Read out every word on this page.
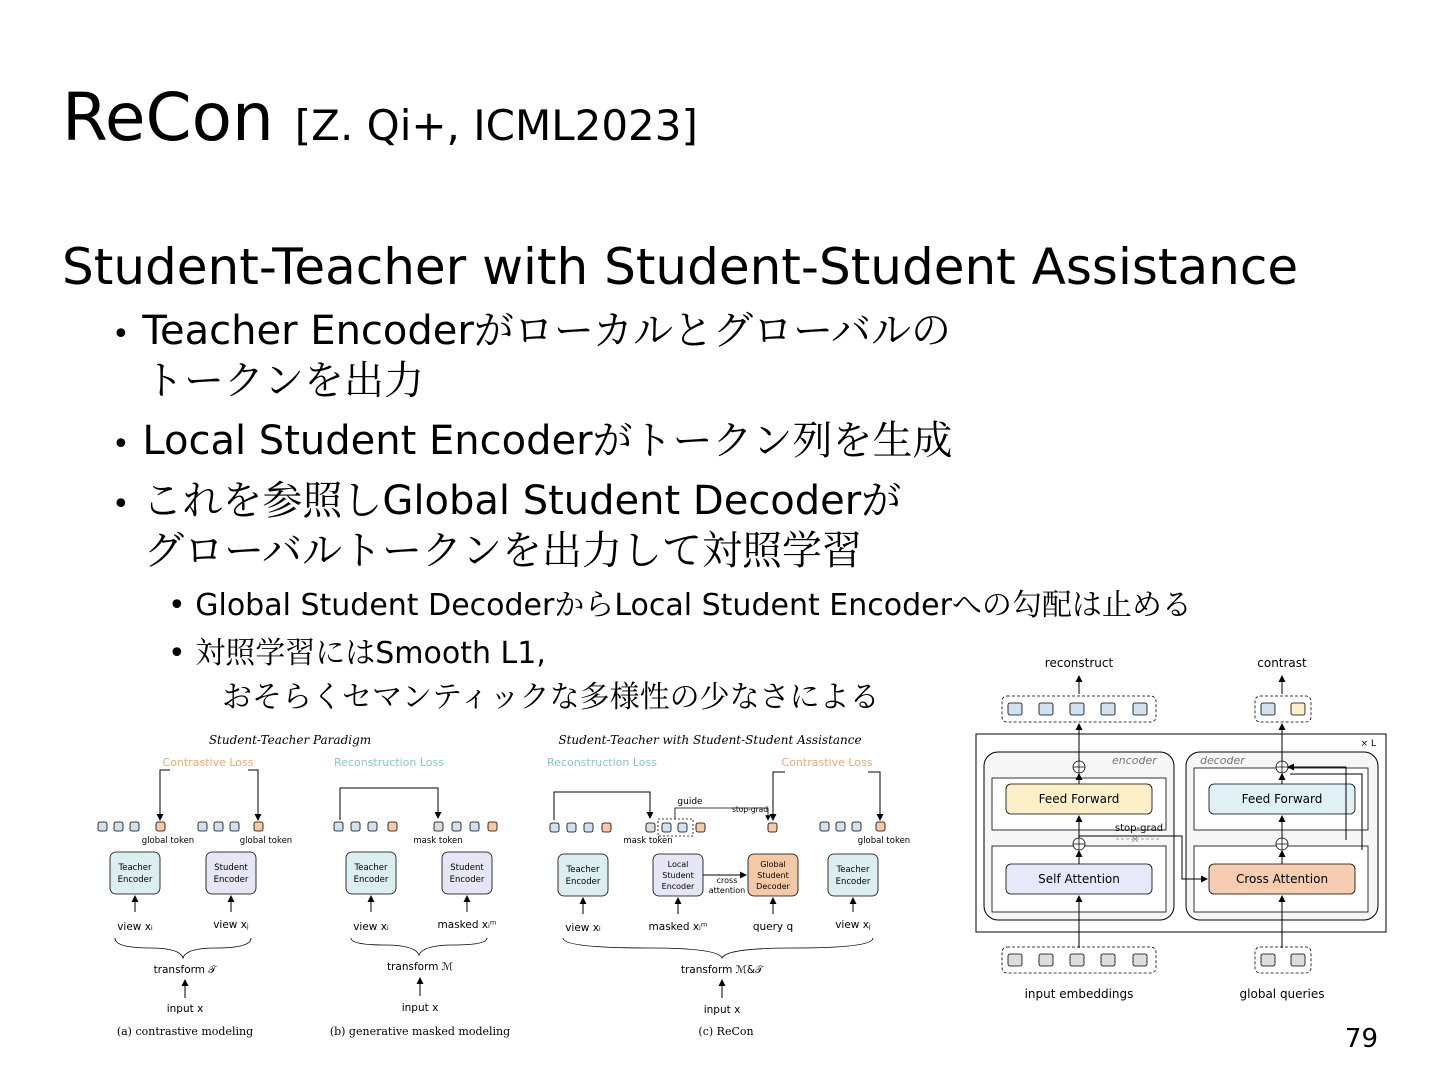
ReCon [Z. Qi+, ICML2023]
Student-Teacher with Student-Student Assistance
• Teacher Encoderがローカルとグローバルの
トークンを出力
• Local Student Encoderがトークン列を生成
• これを参照しGlobal Student Decoderが
グローバルトークンを出力して対照学習
• Global Student DecoderからLocal Student Encoderへの勾配は止める
• 対照学習にはSmooth L1,
おそらくセマンティックな多様性の少なさによる
Student-Teacher Paradigm	Student-Teacher with Student-Student Assistance
Contrastive Loss
global token	global token
Teacher
Encoder
Student
Encoder
view xᵢ	view xⱼ
transform 𝒯
input x
(a) contrastive modeling
Reconstruction Loss
mask token
Teacher
Encoder
Student
Encoder
view xᵢ	masked xᵢᵐ
transform ℳ
input x
(b) generative masked modeling
Reconstruction Loss	Contrastive Loss
guide
stop-grad
mask token	global token
Teacher
Encoder
Local
Student
Encoder
Global
Student
Decoder
Teacher
Encoder
cross
attention
view xᵢ	masked xᵢᵐ	query q	view xⱼ
transform ℳ&𝒯
input x
(c) ReCon
reconstruct	contrast
× L
encoder	decoder
Feed Forward
Self Attention
Feed Forward
Cross Attention
stop-grad
input embeddings	global queries
79
